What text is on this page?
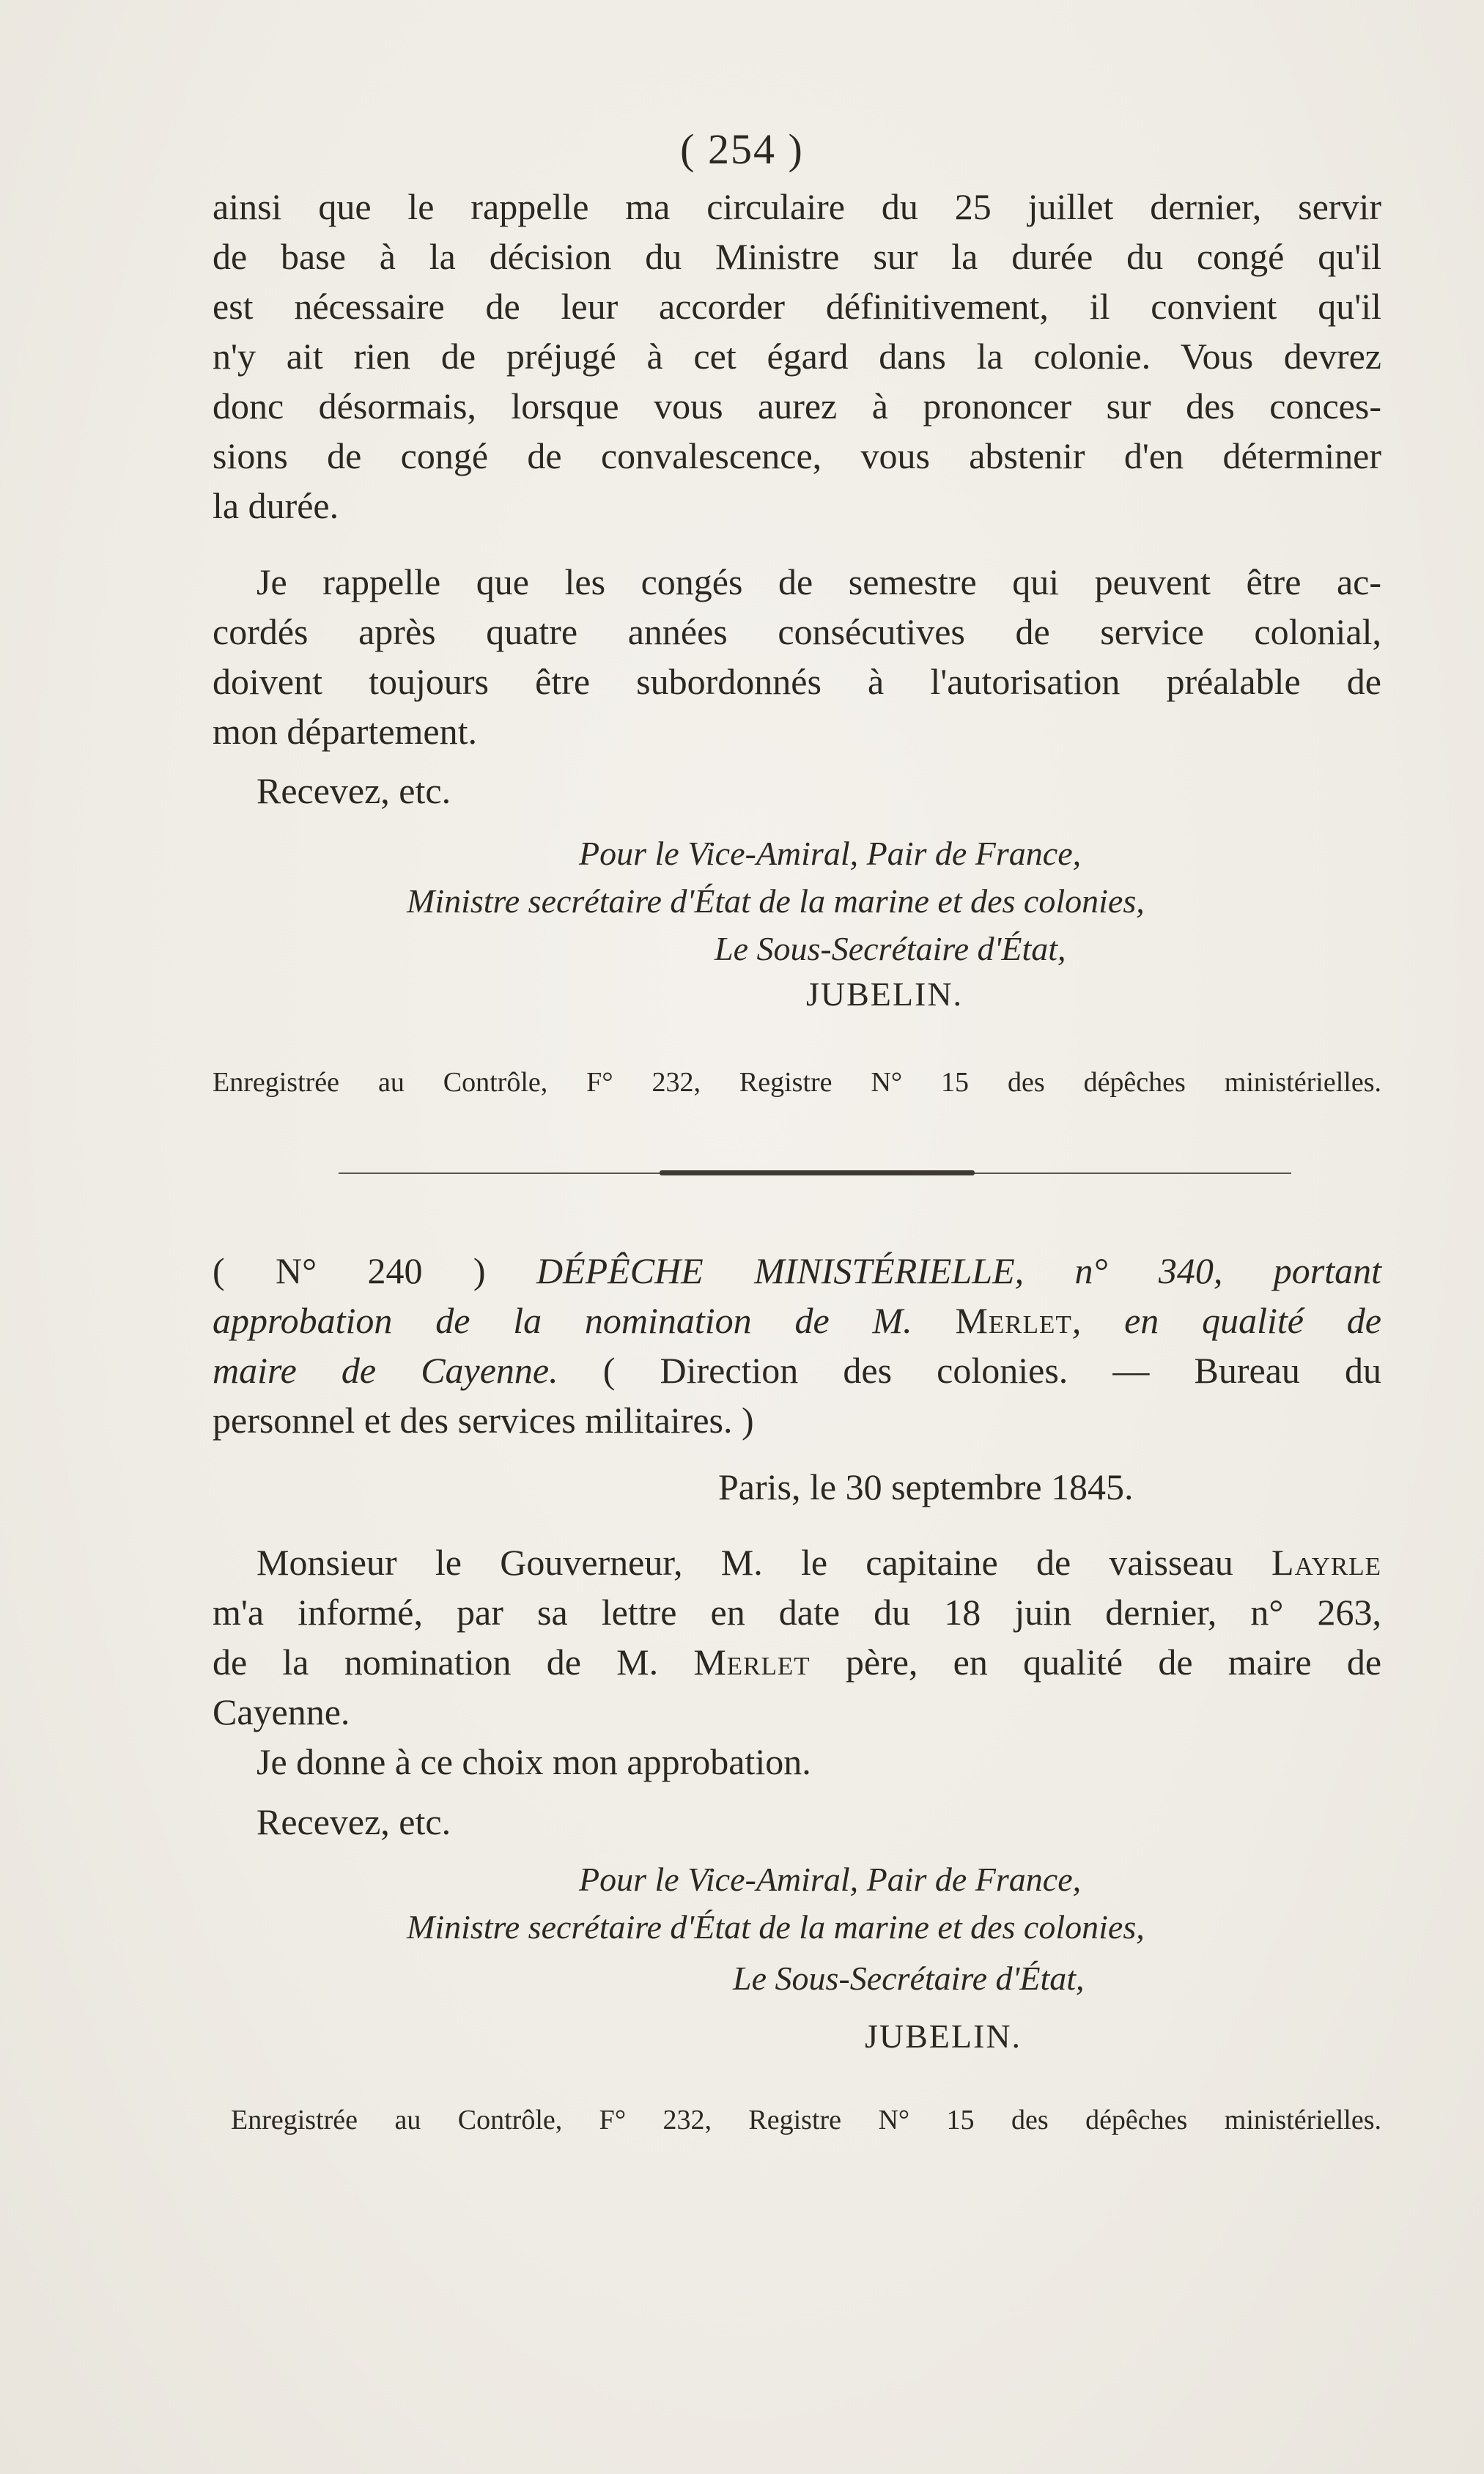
( 254 )
ainsi que le rappelle ma circulaire du 25 juillet dernier, servir
de base à la décision du Ministre sur la durée du congé qu'il
est nécessaire de leur accorder définitivement, il convient qu'il
n'y ait rien de préjugé à cet égard dans la colonie. Vous devrez
donc désormais, lorsque vous aurez à prononcer sur des conces-
sions de congé de convalescence, vous abstenir d'en déterminer
la durée.
Je rappelle que les congés de semestre qui peuvent être ac-
cordés après quatre années consécutives de service colonial,
doivent toujours être subordonnés à l'autorisation préalable de
mon département.
Recevez, etc.
Pour le Vice-Amiral, Pair de France,
Ministre secrétaire d'État de la marine et des colonies,
Le Sous-Secrétaire d'État,
JUBELIN.
Enregistrée au Contrôle, F° 232, Registre N° 15 des dépêches ministérielles.
( N° 240 ) DÉPÊCHE MINISTÉRIELLE, n° 340, portant
approbation de la nomination de M. Merlet, en qualité de
maire de Cayenne. ( Direction des colonies. — Bureau du
personnel et des services militaires. )
Paris, le 30 septembre 1845.
Monsieur le Gouverneur, M. le capitaine de vaisseau Layrle
m'a informé, par sa lettre en date du 18 juin dernier, n° 263,
de la nomination de M. Merlet père, en qualité de maire de
Cayenne.
Je donne à ce choix mon approbation.
Recevez, etc.
Pour le Vice-Amiral, Pair de France,
Ministre secrétaire d'État de la marine et des colonies,
Le Sous-Secrétaire d'État,
JUBELIN.
Enregistrée au Contrôle, F° 232, Registre N° 15 des dépêches ministérielles.
